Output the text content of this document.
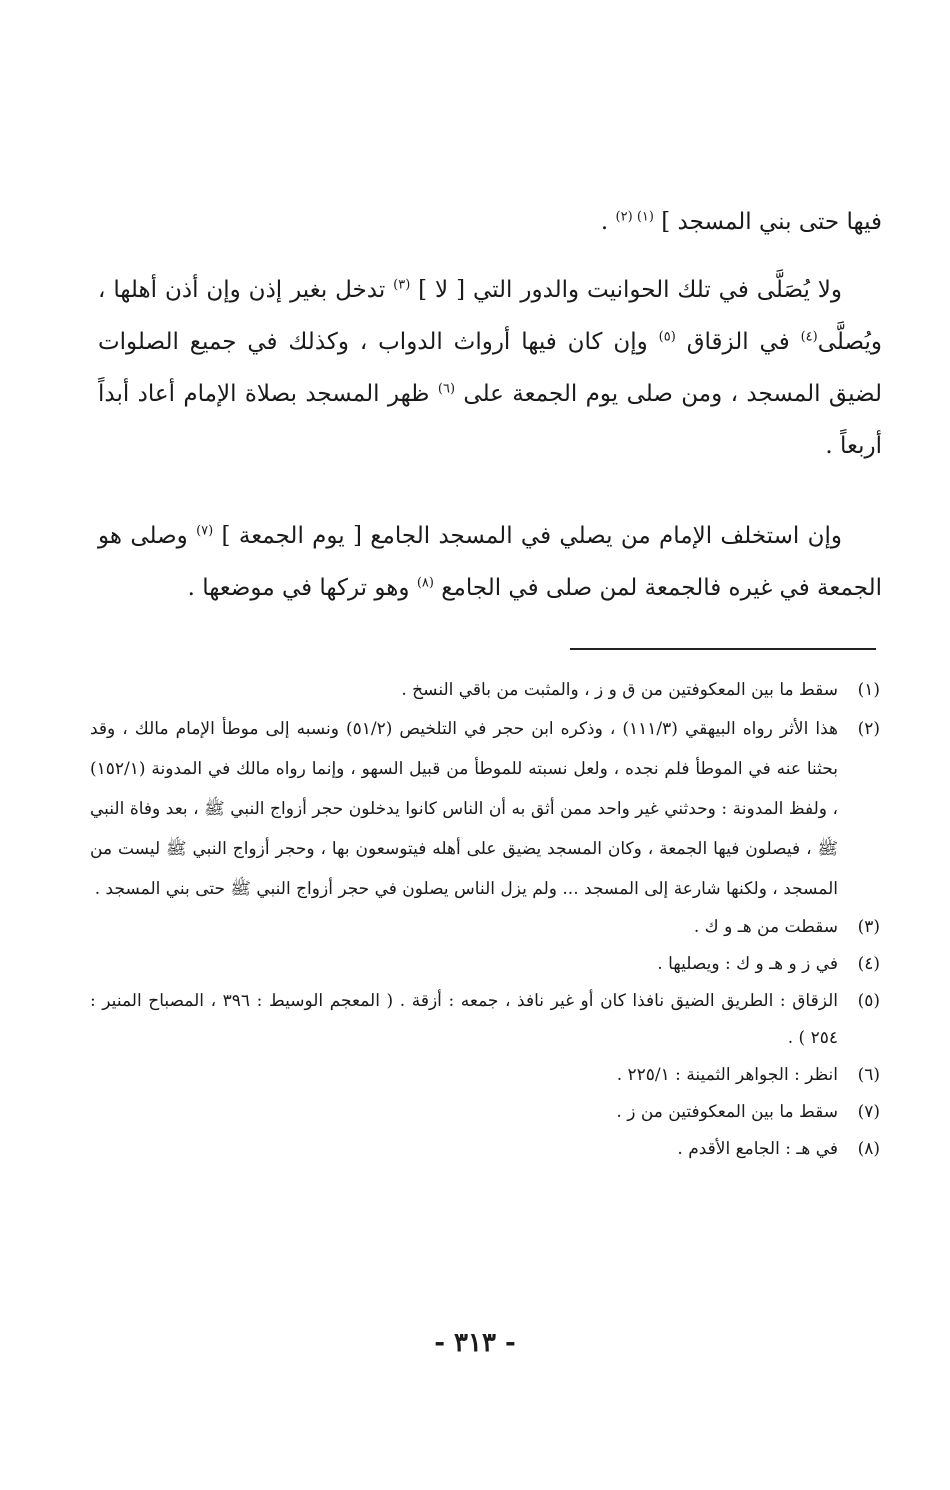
فيها حتى بني المسجد ] $^{(١) (٢)}$ .

ولا يُصَلَّى في تلك الحوانيت والدور التي [ لا ] $^{(٣)}$ تدخل بغير إذن وإن أذن أهلها ، ويُصلَّى$^{(٤)}$ في الزقاق $^{(٥)}$ وإن كان فيها أرواث الدواب ، وكذلك في جميع الصلوات لضيق المسجد ، ومن صلى يوم الجمعة على $^{(٦)}$ ظهر المسجد بصلاة الإمام أعاد أبداً أربعاً .

وإن استخلف الإمام من يصلي في المسجد الجامع [ يوم الجمعة ] $^{(٧)}$ وصلى هو الجمعة في غيره فالجمعة لمن صلى في الجامع $^{(٨)}$ وهو تركها في موضعها .

(١)
سقط ما بين المعكوفتين من ق و ز ، والمثبت من باقي النسخ .

(٢)
هذا الأثر رواه البيهقي (١١١/٣) ، وذكره ابن حجر في التلخيص (٥١/٢) ونسبه إلى موطأ الإمام مالك ، وقد بحثنا عنه في الموطأ فلم نجده ، ولعل نسبته للموطأ من قبيل السهو ، وإنما رواه مالك في المدونة (١٥٢/١) ، ولفظ المدونة : وحدثني غير واحد ممن أثق به أن الناس كانوا يدخلون حجر أزواج النبي ﷺ ، بعد وفاة النبي ﷺ ، فيصلون فيها الجمعة ، وكان المسجد يضيق على أهله فيتوسعون بها ، وحجر أزواج النبي ﷺ ليست من المسجد ، ولكنها شارعة إلى المسجد ... ولم يزل الناس يصلون في حجر أزواج النبي ﷺ حتى بني المسجد .

(٣)
سقطت من هـ و ك .

(٤)
في ز و هـ و ك : ويصليها .

(٥)
الزقاق : الطريق الضيق نافذا كان أو غير نافذ ، جمعه : أزقة . ( المعجم الوسيط : ٣٩٦ ، المصباح المنير : ٢٥٤ ) .

(٦)
انظر : الجواهر الثمينة : ٢٢٥/١ .

(٧)
سقط ما بين المعكوفتين من ز .

(٨)
في هـ : الجامع الأقدم .

- ٣١٣ -
